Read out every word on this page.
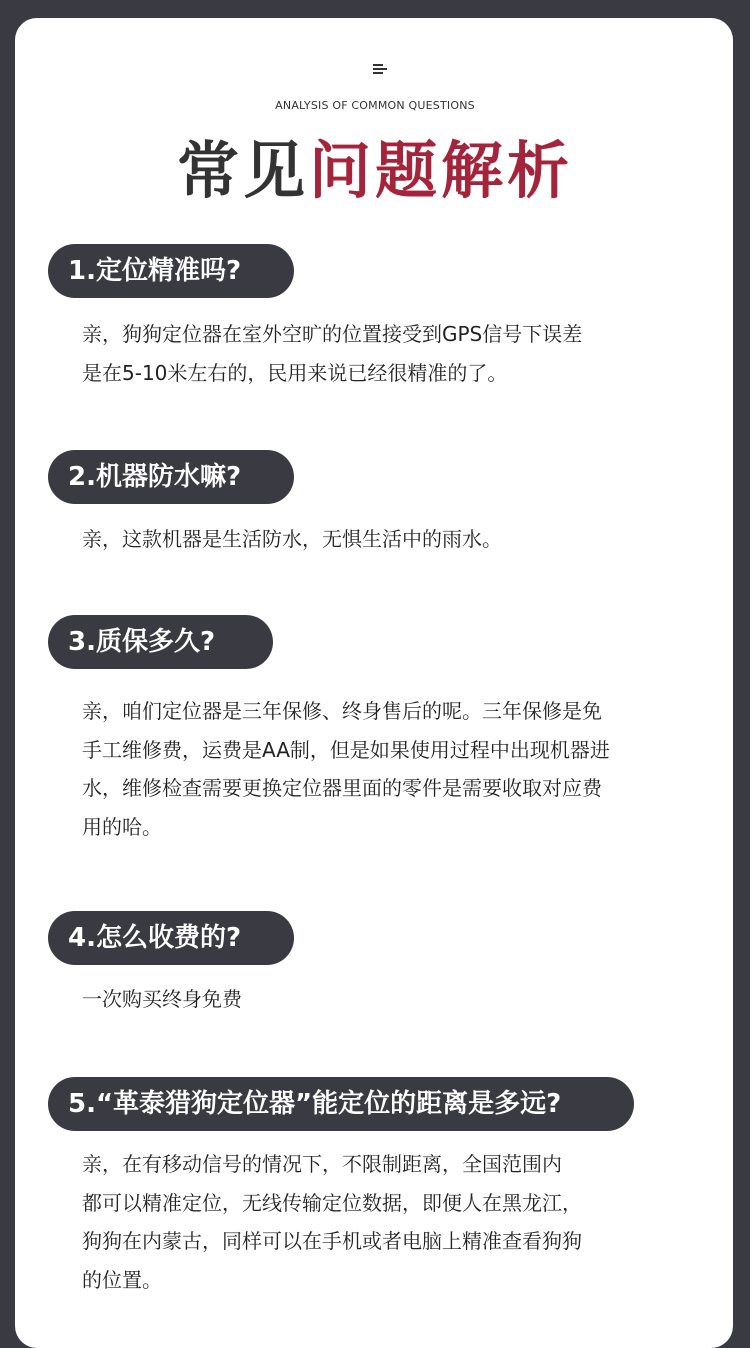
ANALYSIS OF COMMON QUESTIONS
常见问题解析
1.定位精准吗?
亲，狗狗定位器在室外空旷的位置接受到GPS信号下误差
是在5-10米左右的，民用来说已经很精准的了。
2.机器防水嘛?
亲，这款机器是生活防水，无惧生活中的雨水。
3.质保多久?
亲，咱们定位器是三年保修、终身售后的呢。三年保修是免
手工维修费，运费是AA制，但是如果使用过程中出现机器进
水，维修检查需要更换定位器里面的零件是需要收取对应费
用的哈。
4.怎么收费的?
一次购买终身免费
5.“革泰猎狗定位器”能定位的距离是多远?
亲，在有移动信号的情况下，不限制距离，全国范围内
都可以精准定位，无线传输定位数据，即便人在黑龙江，
狗狗在内蒙古，同样可以在手机或者电脑上精准查看狗狗
的位置。
